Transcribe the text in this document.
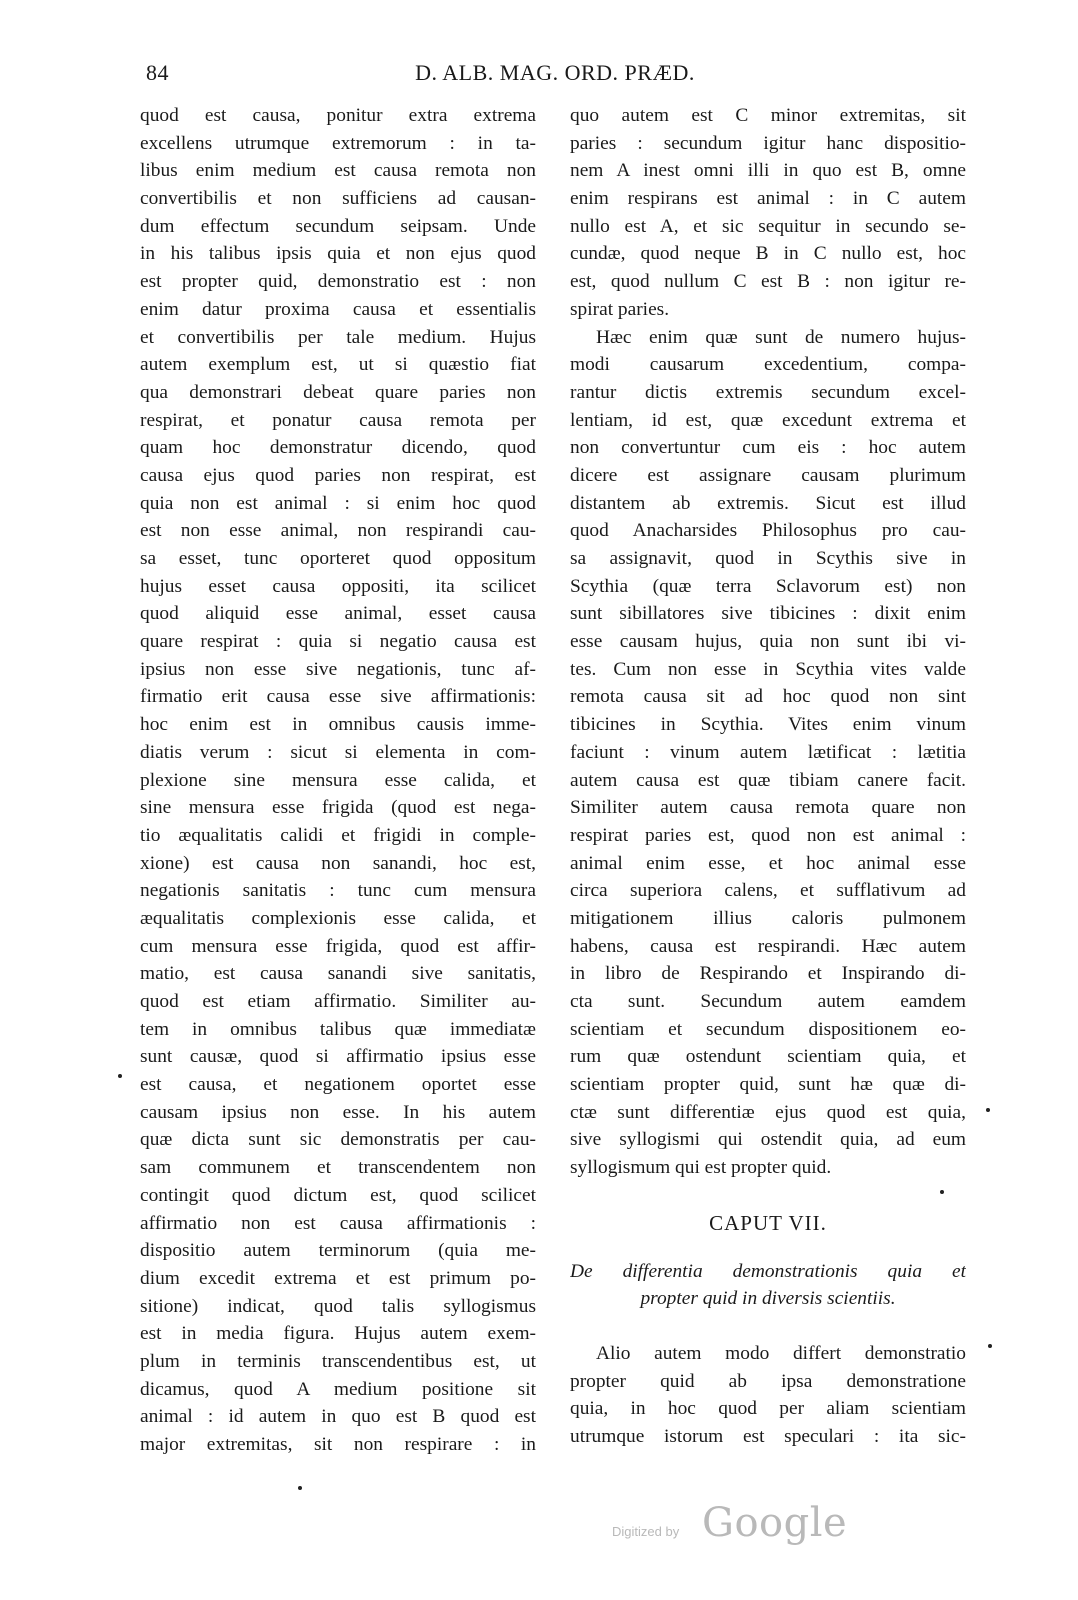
84	D. ALB. MAG. ORD. PRÆD.
quod est causa, ponitur extra extrema
excellens utrumque extremorum : in ta-
libus enim medium est causa remota non
convertibilis et non sufficiens ad causan-
dum effectum secundum seipsam. Unde
in his talibus ipsis quia et non ejus quod
est propter quid, demonstratio est : non
enim datur proxima causa et essentialis
et convertibilis per tale medium. Hujus
autem exemplum est, ut si quæstio fiat
qua demonstrari debeat quare paries non
respirat, et ponatur causa remota per
quam hoc demonstratur dicendo, quod
causa ejus quod paries non respirat, est
quia non est animal : si enim hoc quod
est non esse animal, non respirandi cau-
sa esset, tunc oporteret quod oppositum
hujus esset causa oppositi, ita scilicet
quod aliquid esse animal, esset causa
quare respirat : quia si negatio causa est
ipsius non esse sive negationis, tunc af-
firmatio erit causa esse sive affirmationis:
hoc enim est in omnibus causis imme-
diatis verum : sicut si elementa in com-
plexione sine mensura esse calida, et
sine mensura esse frigida (quod est nega-
tio æqualitatis calidi et frigidi in comple-
xione) est causa non sanandi, hoc est,
negationis sanitatis : tunc cum mensura
æqualitatis complexionis esse calida, et
cum mensura esse frigida, quod est affir-
matio, est causa sanandi sive sanitatis,
quod est etiam affirmatio. Similiter au-
tem in omnibus talibus quæ immediatæ
sunt causæ, quod si affirmatio ipsius esse
est causa, et negationem oportet esse
causam ipsius non esse. In his autem
quæ dicta sunt sic demonstratis per cau-
sam communem et transcendentem non
contingit quod dictum est, quod scilicet
affirmatio non est causa affirmationis :
dispositio autem terminorum (quia me-
dium excedit extrema et est primum po-
sitione) indicat, quod talis syllogismus
est in media figura. Hujus autem exem-
plum in terminis transcendentibus est, ut
dicamus, quod A medium positione sit
animal : id autem in quo est B quod est
major extremitas, sit non respirare : in
quo autem est C minor extremitas, sit
paries : secundum igitur hanc dispositio-
nem A inest omni illi in quo est B, omne
enim respirans est animal : in C autem
nullo est A, et sic sequitur in secundo se-
cundæ, quod neque B in C nullo est, hoc
est, quod nullum C est B : non igitur re-
spirat paries.
Hæc enim quæ sunt de numero hujus-
modi causarum excedentium, compa-
rantur dictis extremis secundum excel-
lentiam, id est, quæ excedunt extrema et
non convertuntur cum eis : hoc autem
dicere est assignare causam plurimum
distantem ab extremis. Sicut est illud
quod Anacharsides Philosophus pro cau-
sa assignavit, quod in Scythis sive in
Scythia (quæ terra Sclavorum est) non
sunt sibillatores sive tibicines : dixit enim
esse causam hujus, quia non sunt ibi vi-
tes. Cum non esse in Scythia vites valde
remota causa sit ad hoc quod non sint
tibicines in Scythia. Vites enim vinum
faciunt : vinum autem lætificat : lætitia
autem causa est quæ tibiam canere facit.
Similiter autem causa remota quare non
respirat paries est, quod non est animal :
animal enim esse, et hoc animal esse
circa superiora calens, et sufflativum ad
mitigationem illius caloris pulmonem
habens, causa est respirandi. Hæc autem
in libro de Respirando et Inspirando di-
cta sunt. Secundum autem eamdem
scientiam et secundum dispositionem eo-
rum quæ ostendunt scientiam quia, et
scientiam propter quid, sunt hæ quæ di-
ctæ sunt differentiæ ejus quod est quia,
sive syllogismi qui ostendit quia, ad eum
syllogismum qui est propter quid.
CAPUT VII.
De differentia demonstrationis quia et
propter quid in diversis scientiis.
Alio autem modo differt demonstratio
propter quid ab ipsa demonstratione
quia, in hoc quod per aliam scientiam
utrumque istorum est speculari : ita sic-
Digitized by Google
